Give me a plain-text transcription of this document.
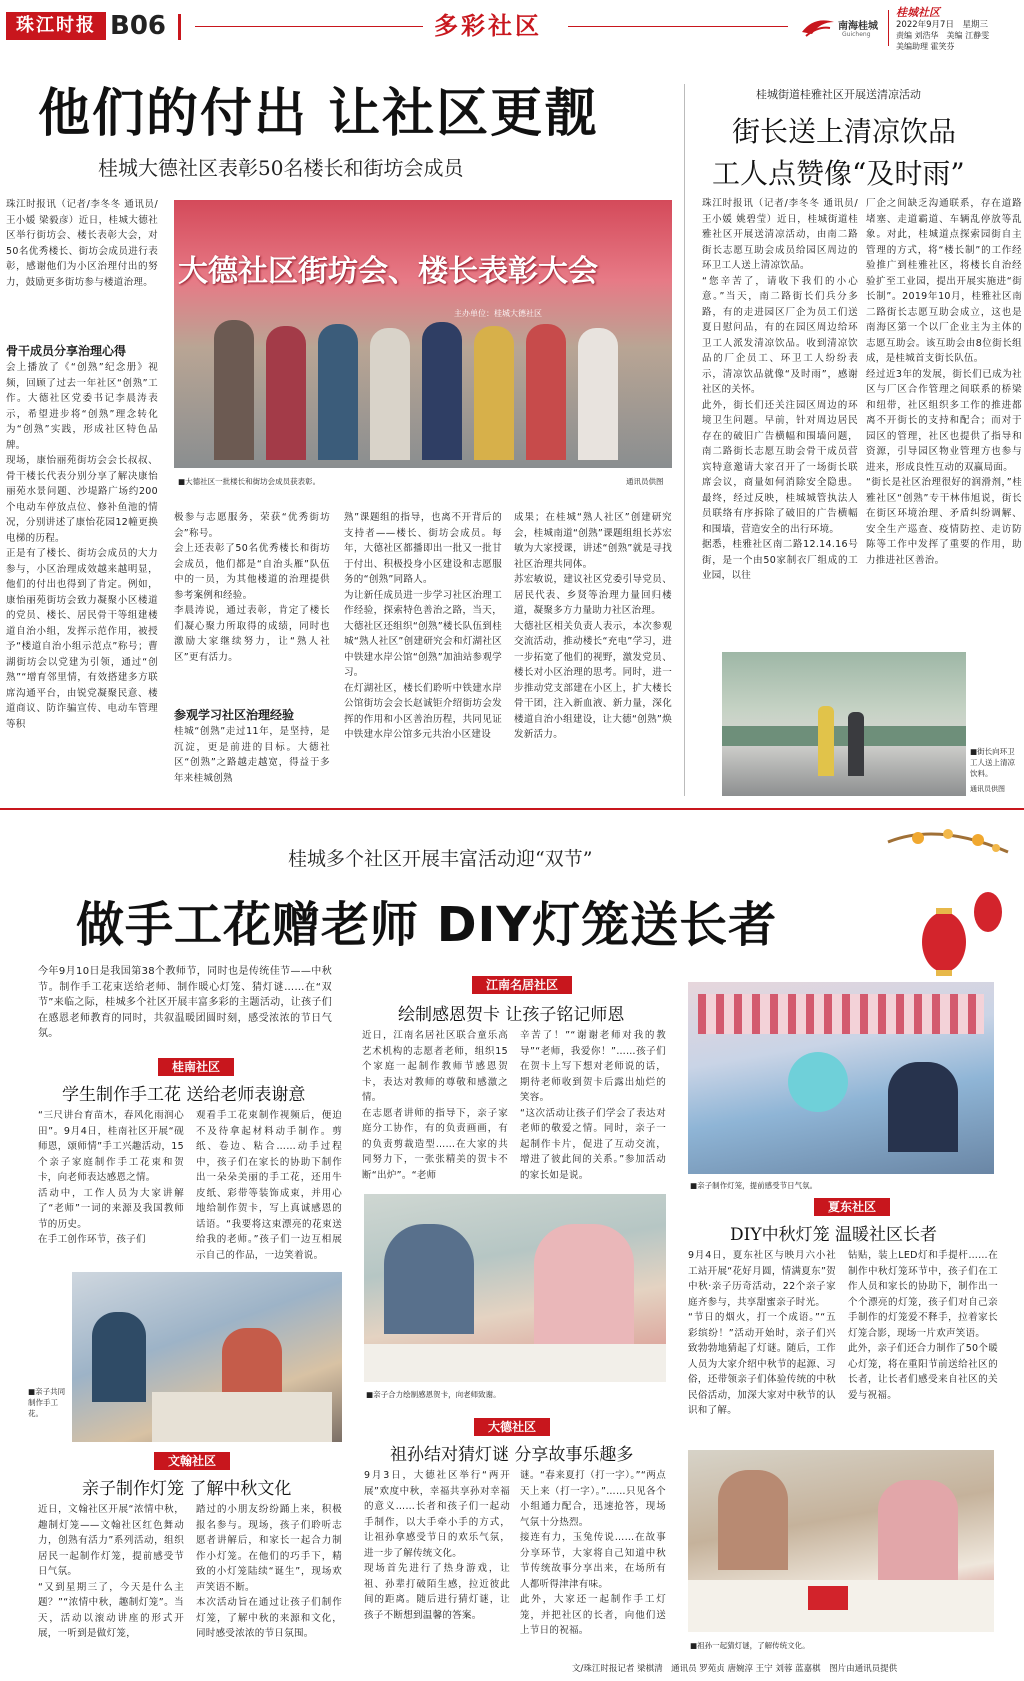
珠江时报 B06	多彩社区	南海桂城
Guicheng
桂城社区
2022年9月7日　星期三
责编 刘浩华　美编 江静雯
美编助理 霍笑芬
他们的付出 让社区更靓
桂城大德社区表彰50名楼长和街坊会成员
珠江时报讯（记者/李冬冬 通讯员/王小媛 梁毅彦）近日，桂城大德社区举行街坊会、楼长表彰大会，对50名优秀楼长、街坊会成员进行表彰，感谢他们为小区治理付出的努力，鼓励更多街坊参与楼道治理。
骨干成员分享治理心得
会上播放了《“创熟”纪念册》视频，回顾了过去一年社区“创熟”工作。大德社区党委书记李晨涛表示，希望进步将“创熟”理念转化为“创熟”实践，形成社区特色品牌。
现场，康怡丽苑街坊会会长叔叔、骨干楼长代表分别分享了解决康怡丽苑水景问题、沙堤路广场约200个电动车停放点位、修补鱼池的情况，分别讲述了康怡花园12幢更换电梯的历程。
正是有了楼长、街坊会成员的大力参与，小区治理成效越来越明显，他们的付出也得到了肯定。例如，康怡丽苑街坊会致力凝聚小区楼道的党员、楼长、居民骨干等组建楼道自治小组，发挥示范作用，被授予“楼道自治小组示范点”称号；曹湖街坊会以党建为引领，通过“创熟”“增育邻里情，有效搭建多方联席沟通平台，由锐党凝聚民意、楼道商议、防诈骗宣传、电动车管理等积
大德社区街坊会、楼长表彰大会
主办单位：桂城大德社区
■大德社区一批楼长和街坊会成员获表彰。	通讯员供图
极参与志愿服务，荣获“优秀街坊会”称号。
会上还表彰了50名优秀楼长和街坊会成员，他们都是“自治头雁”队伍中的一员，为其他楼道的治理提供参考案例和经验。
李晨涛说，通过表彰，肯定了楼长们凝心聚力所取得的成绩，同时也激励大家继续努力，让“熟人社区”更有活力。
参观学习社区治理经验
桂城“创熟”走过11年，是坚持，是沉淀，更是前进的目标。大德社区“创熟”之路越走越宽，得益于多年来桂城创熟
熟”课题组的指导，也离不开背后的支持者——楼长、街坊会成员。每年，大德社区都播即出一批又一批甘于付出、积极投身小区建设和志愿服务的“创熟”同路人。
为让新任成员进一步学习社区治理工作经验，探索特色善治之路，当天，大德社区还组织“创熟”楼长队伍到桂城“熟人社区”创建研究会和灯湖社区中铁建水岸公馆“创熟”加油站参观学习。
在灯湖社区，楼长们聆听中铁建水岸公馆街坊会会长赵诚钜介绍街坊会发挥的作用和小区善治历程，共同见证中铁建水岸公馆多元共治小区建设
成果；在桂城“熟人社区”创建研究会，桂城南道“创熟”课题组组长苏宏敏为大家授课，讲述“创熟”就是寻找社区治理共同体。
苏宏敏说，建议社区党委引导党员、居民代表、乡贤等治理力量回归楼道，凝聚多方力量助力社区治理。
大德社区相关负责人表示，本次参观交流活动，推动楼长“充电”学习，进一步拓宽了他们的视野，激发党员、楼长对小区治理的思考。同时，进一步推动党支部建在小区上，扩大楼长骨干团，注入新血液、新力量，深化楼道自治小组建设，让大德“创熟”焕发新活力。
桂城街道桂雅社区开展送清凉活动
街长送上清凉饮品
工人点赞像“及时雨”
珠江时报讯（记者/李冬冬 通讯员/王小媛 姚碧莹）近日，桂城街道桂雅社区开展送清凉活动，由南二路街长志愿互助会成员给园区周边的环卫工人送上清凉饮品。
“您辛苦了，请收下我们的小心意。”当天，南二路街长们兵分多路，有的走进园区厂企为员工们送夏日慰问品，有的在园区周边给环卫工人派发清凉饮品。收到清凉饮品的厂企员工、环卫工人纷纷表示，清凉饮品就像“及时雨”，感谢社区的关怀。
此外，街长们还关注园区周边的环境卫生问题。早前，针对周边居民存在的破旧广告横幅和围墙问题，南二路街长志愿互助会骨干成员营宾特意邀请大家召开了一场街长联席会议，商量如何消除安全隐患。最终，经过反映，桂城城管执法人员联络有序拆除了破旧的广告横幅和围墙，营造安全的出行环境。
据悉，桂雅社区南二路12.14.16号街，是一个由50家制衣厂组成的工业园，以往
厂企之间缺乏沟通联系，存在道路堵塞、走道霸道、车辆乱停放等乱象。对此，桂城道点探索园街自主管理的方式，将“楼长制”的工作经验推广到桂雅社区，将楼长自治经验扩至工业园，提出开展实施进“街长制”。2019年10月，桂雅社区南二路街长志愿互助会成立，这也是南海区第一个以厂企业主为主体的志愿互助会。该互助会由8位街长组成，是桂城首支街长队伍。
经过近3年的发展，街长们已成为社区与厂区合作管理之间联系的桥梁和纽带，社区组织多工作的推进都离不开街长的支持和配合；而对于园区的管理，社区也提供了指导和资源，引导园区物业管理方也参与进来，形成良性互动的双赢局面。
“街长是社区治理很好的润滑剂，”桂雅社区“创熟”专干林伟旭说，街长在街区环境治理、矛盾纠纷调解、安全生产巡查、疫情防控、走访防陈等工作中发挥了重要的作用，助力推进社区善治。
■街长向环卫工人送上清凉饮料。
通讯员供图
桂城多个社区开展丰富活动迎“双节”
做手工花赠老师 DIY灯笼送长者
今年9月10日是我国第38个教师节，同时也是传统佳节——中秋节。制作手工花束送给老师、制作暖心灯笼、猜灯谜……在“双节”来临之际，桂城多个社区开展丰富多彩的主题活动，让孩子们在感恩老师教育的同时，共叙温暖团圆时刻，感受浓浓的节日气氛。
桂南社区
学生制作手工花 送给老师表谢意
“三尺讲台育苗木，春风化雨润心田”。9月4日，桂南社区开展“砚师恩，颂师情”手工兴趣活动，15个亲子家庭制作手工花束和贺卡，向老师表达感恩之情。
活动中，工作人员为大家讲解了“老师”一词的来源及我国教师节的历史。
在手工创作环节，孩子们
观看手工花束制作视频后，便迫不及待拿起材料动手制作。剪纸、卷边、粘合……动手过程中，孩子们在家长的协助下制作出一朵朵美丽的手工花，还用牛皮纸、彩带等装饰成束，并用心地给制作贺卡，写上真诚感恩的话语。“我要将这束漂亮的花束送给我的老师。”孩子们一边互相展示自己的作品，一边笑着说。
■亲子共同制作手工花。
江南名居社区
绘制感恩贺卡 让孩子铭记师恩
近日，江南名居社区联合童乐高艺术机构的志愿者老师，组织15个家庭一起制作教师节感恩贺卡，表达对教师的尊敬和感激之情。
在志愿者讲师的指导下，亲子家庭分工协作，有的负责画画，有的负责剪裁造型……在大家的共同努力下，一张张精美的贺卡不断“出炉”。“老师
辛苦了！”“谢谢老师对我的教导”“老师，我爱你！”……孩子们在贺卡上写下想对老师说的话，期待老师收到贺卡后露出灿烂的笑容。
“这次活动让孩子们学会了表达对老师的敬爱之情。同时，亲子一起制作卡片，促进了互动交流，增进了彼此间的关系。”参加活动的家长如是说。
■亲子合力绘制感恩贺卡，向老师致谢。
■亲子制作灯笼，提前感受节日气氛。
夏东社区
DIY中秋灯笼 温暖社区长者
9月4日，夏东社区与映月六小社工站开展“花好月圆，情满夏东”贺中秋·亲子历奇活动，22个亲子家庭齐参与，共享甜蜜亲子时光。
“节日的烟火，打一个成语。”“五彩缤纷！”活动开始时，亲子们兴致勃勃地猜起了灯谜。随后，工作人员为大家介绍中秋节的起源、习俗，还带领亲子们体验传统的中秋民俗活动，加深大家对中秋节的认识和了解。
钻贴，装上LED灯和手提杆……在制作中秋灯笼环节中，孩子们在工作人员和家长的协助下，制作出一个个漂亮的灯笼，孩子们对自己亲手制作的灯笼爱不释手，拉着家长灯笼合影，现场一片欢声笑语。
此外，亲子们还合力制作了50个暖心灯笼，将在重阳节前送给社区的长者，让长者们感受来自社区的关爱与祝福。
文翰社区
亲子制作灯笼 了解中秋文化
近日，文翰社区开展“浓情中秋，趣制灯笼——文翰社区红色舞动力，创熟有活力”系列活动，组织居民一起制作灯笼，提前感受节日气氛。
“又到星期三了，今天是什么主题？”“浓情中秋，趣制灯笼”。当天，活动以滚动讲座的形式开展，一听到是做灯笼，
踏过的小朋友纷纷踊上来，积极报名参与。现场，孩子们聆听志愿者讲解后，和家长一起合力制作小灯笼。在他们的巧手下，精致的小灯笼陆续“诞生”，现场欢声笑语不断。
本次活动旨在通过让孩子们制作灯笼，了解中秋的来源和文化，同时感受浓浓的节日氛围。
大德社区
祖孙结对猜灯谜 分享故事乐趣多
9月3日，大德社区举行“两开展”欢度中秋，幸福共享孙对幸福的意义……长者和孩子们一起动手制作，以大手牵小手的方式，让祖孙拿感受节日的欢乐气氛，进一步了解传统文化。
现场首先进行了热身游戏，让祖、孙辈打破陌生感，拉近彼此间的距离。随后进行猜灯谜，让孩子不断想到温馨的答案。
谜。“春来夏打（打一字）。”“两点天上来（打一字）。”……只见各个小组通力配合，迅速抢答，现场气氛十分热烈。
接连有力，玉兔传说……在故事分享环节，大家将自己知道中秋节传统故事分享出来，在场所有人都听得津津有味。
此外，大家还一起制作手工灯笼，并把社区的长者，向他们送上节日的祝福。
■祖孙一起猜灯谜，了解传统文化。
文/珠江时报记者 梁棋清　通讯员 罗苑贞 唐婉淳 王宁 刘蓉 蓝嘉棋　图片由通讯员提供
